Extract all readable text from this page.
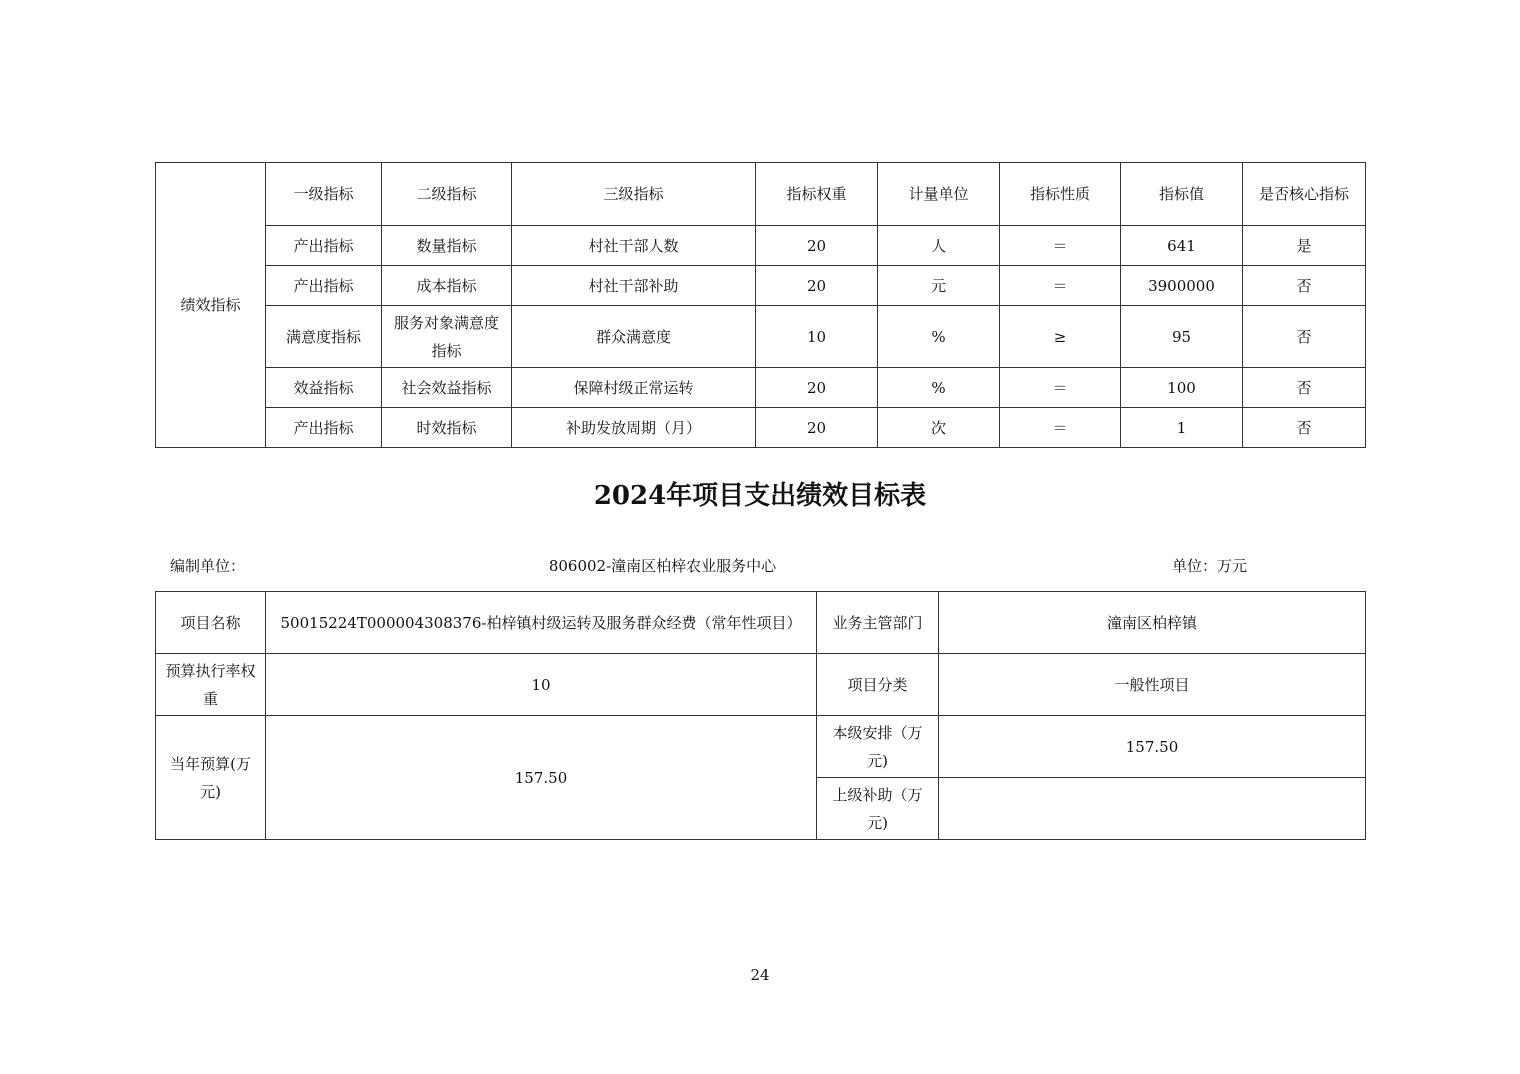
绩效指标	一级指标	二级指标	三级指标	指标权重	计量单位	指标性质	指标值	是否核心指标
	产出指标	数量指标	村社干部人数	20	人	＝	641	是
	产出指标	成本指标	村社干部补助	20	元	＝	3900000	否
	满意度指标	服务对象满意度指标	群众满意度	10	%	≥	95	否
	效益指标	社会效益指标	保障村级正常运转	20	%	＝	100	否
	产出指标	时效指标	补助发放周期（月）	20	次	＝	1	否
2024年项目支出绩效目标表
编制单位：	806002-潼南区柏梓农业服务中心	单位：万元
项目名称	50015224T000004308376-柏梓镇村级运转及服务群众经费（常年性项目）	业务主管部门	潼南区柏梓镇
预算执行率权重	10	项目分类	一般性项目
当年预算(万元)	157.50	本级安排（万元)	157.50
		上级补助（万元)	
24
